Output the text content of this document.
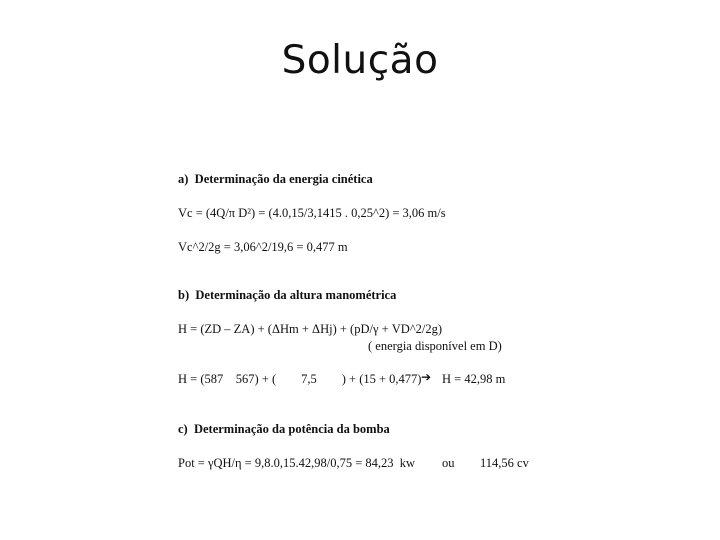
Solução
a)  Determinação da energia cinética
Vc = (4Q/π D²) = (4.0,15/3,1415 . 0,25^2) = 3,06 m/s
Vc^2/2g = 3,06^2/19,6 = 0,477 m
b)  Determinação da altura manométrica
H = (ZD – ZA) + (ΔHm + ΔHj) + (pD/γ + VD^2/2g)
( energia disponível em D)
H = (587    567) + (        7,5        ) + (15 + 0,477) ➔ H = 42,98 m
c)  Determinação da potência da bomba
Pot = γQH/η = 9,8.0,15.42,98/0,75 = 84,23  kw ou 114,56 cv
